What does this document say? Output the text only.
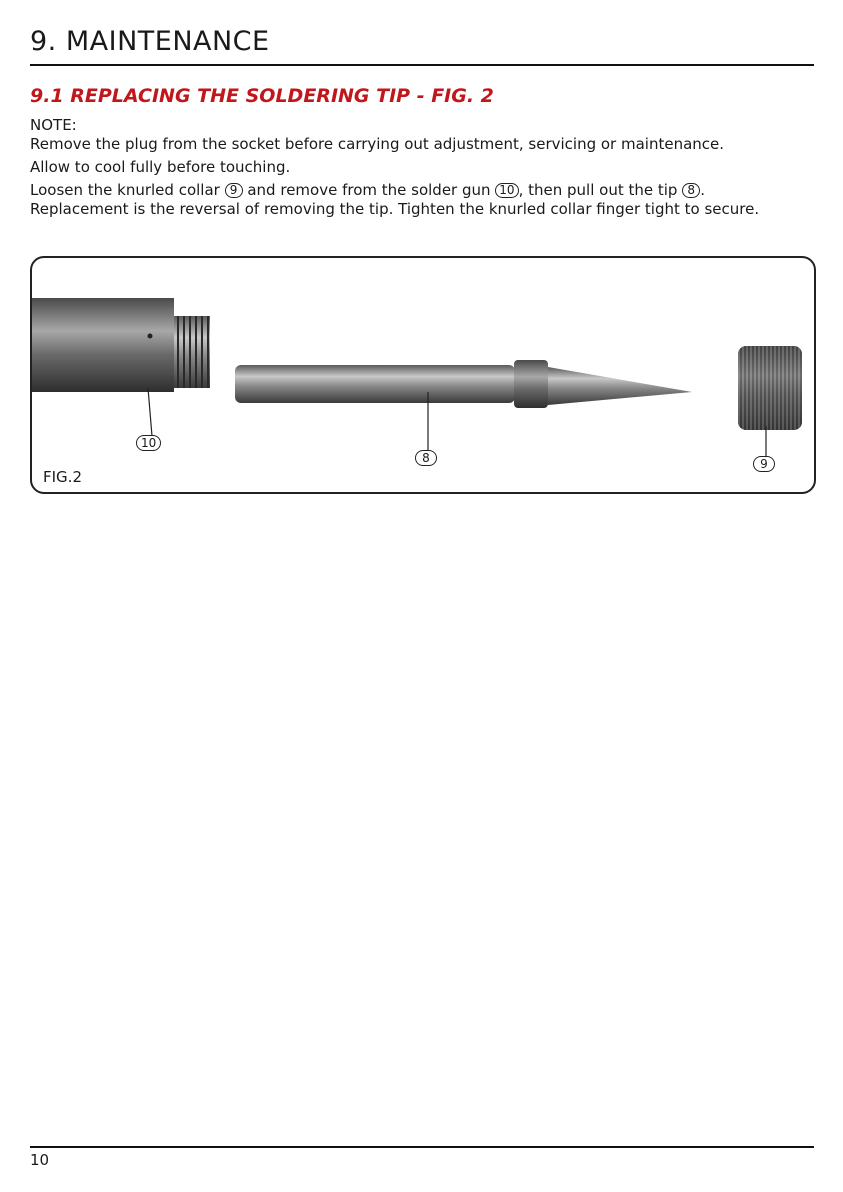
9. MAINTENANCE
9.1 REPLACING THE SOLDERING TIP - FIG. 2

NOTE:

Remove the plug from the socket before carrying out adjustment, servicing or maintenance.

Allow to cool fully before touching.

Loosen the knurled collar 9 and remove from the solder gun 10 , then pull out the tip 8 .

Replacement is the reversal of removing the tip. Tighten the knurled collar finger tight to secure.

10
8	9
FIG.2
10
